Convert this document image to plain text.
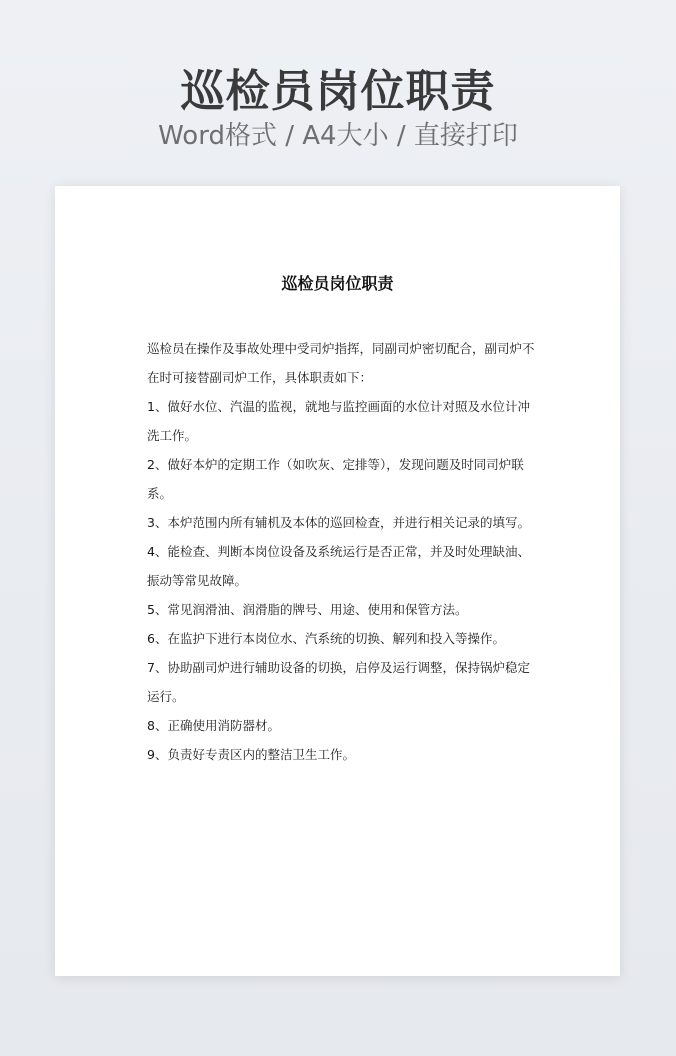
巡检员岗位职责
Word格式 / A4大小 / 直接打印
巡检员岗位职责

巡检员在操作及事故处理中受司炉指挥，同副司炉密切配合，副司炉不在时可接替副司炉工作，具体职责如下：

1、做好水位、汽温的监视，就地与监控画面的水位计对照及水位计冲洗工作。

2、做好本炉的定期工作（如吹灰、定排等），发现问题及时同司炉联系。

3、本炉范围内所有辅机及本体的巡回检查，并进行相关记录的填写。

4、能检查、判断本岗位设备及系统运行是否正常，并及时处理缺油、振动等常见故障。

5、常见润滑油、润滑脂的牌号、用途、使用和保管方法。

6、在监护下进行本岗位水、汽系统的切换、解列和投入等操作。

7、协助副司炉进行辅助设备的切换，启停及运行调整，保持锅炉稳定运行。

8、正确使用消防器材。

9、负责好专责区内的整洁卫生工作。
